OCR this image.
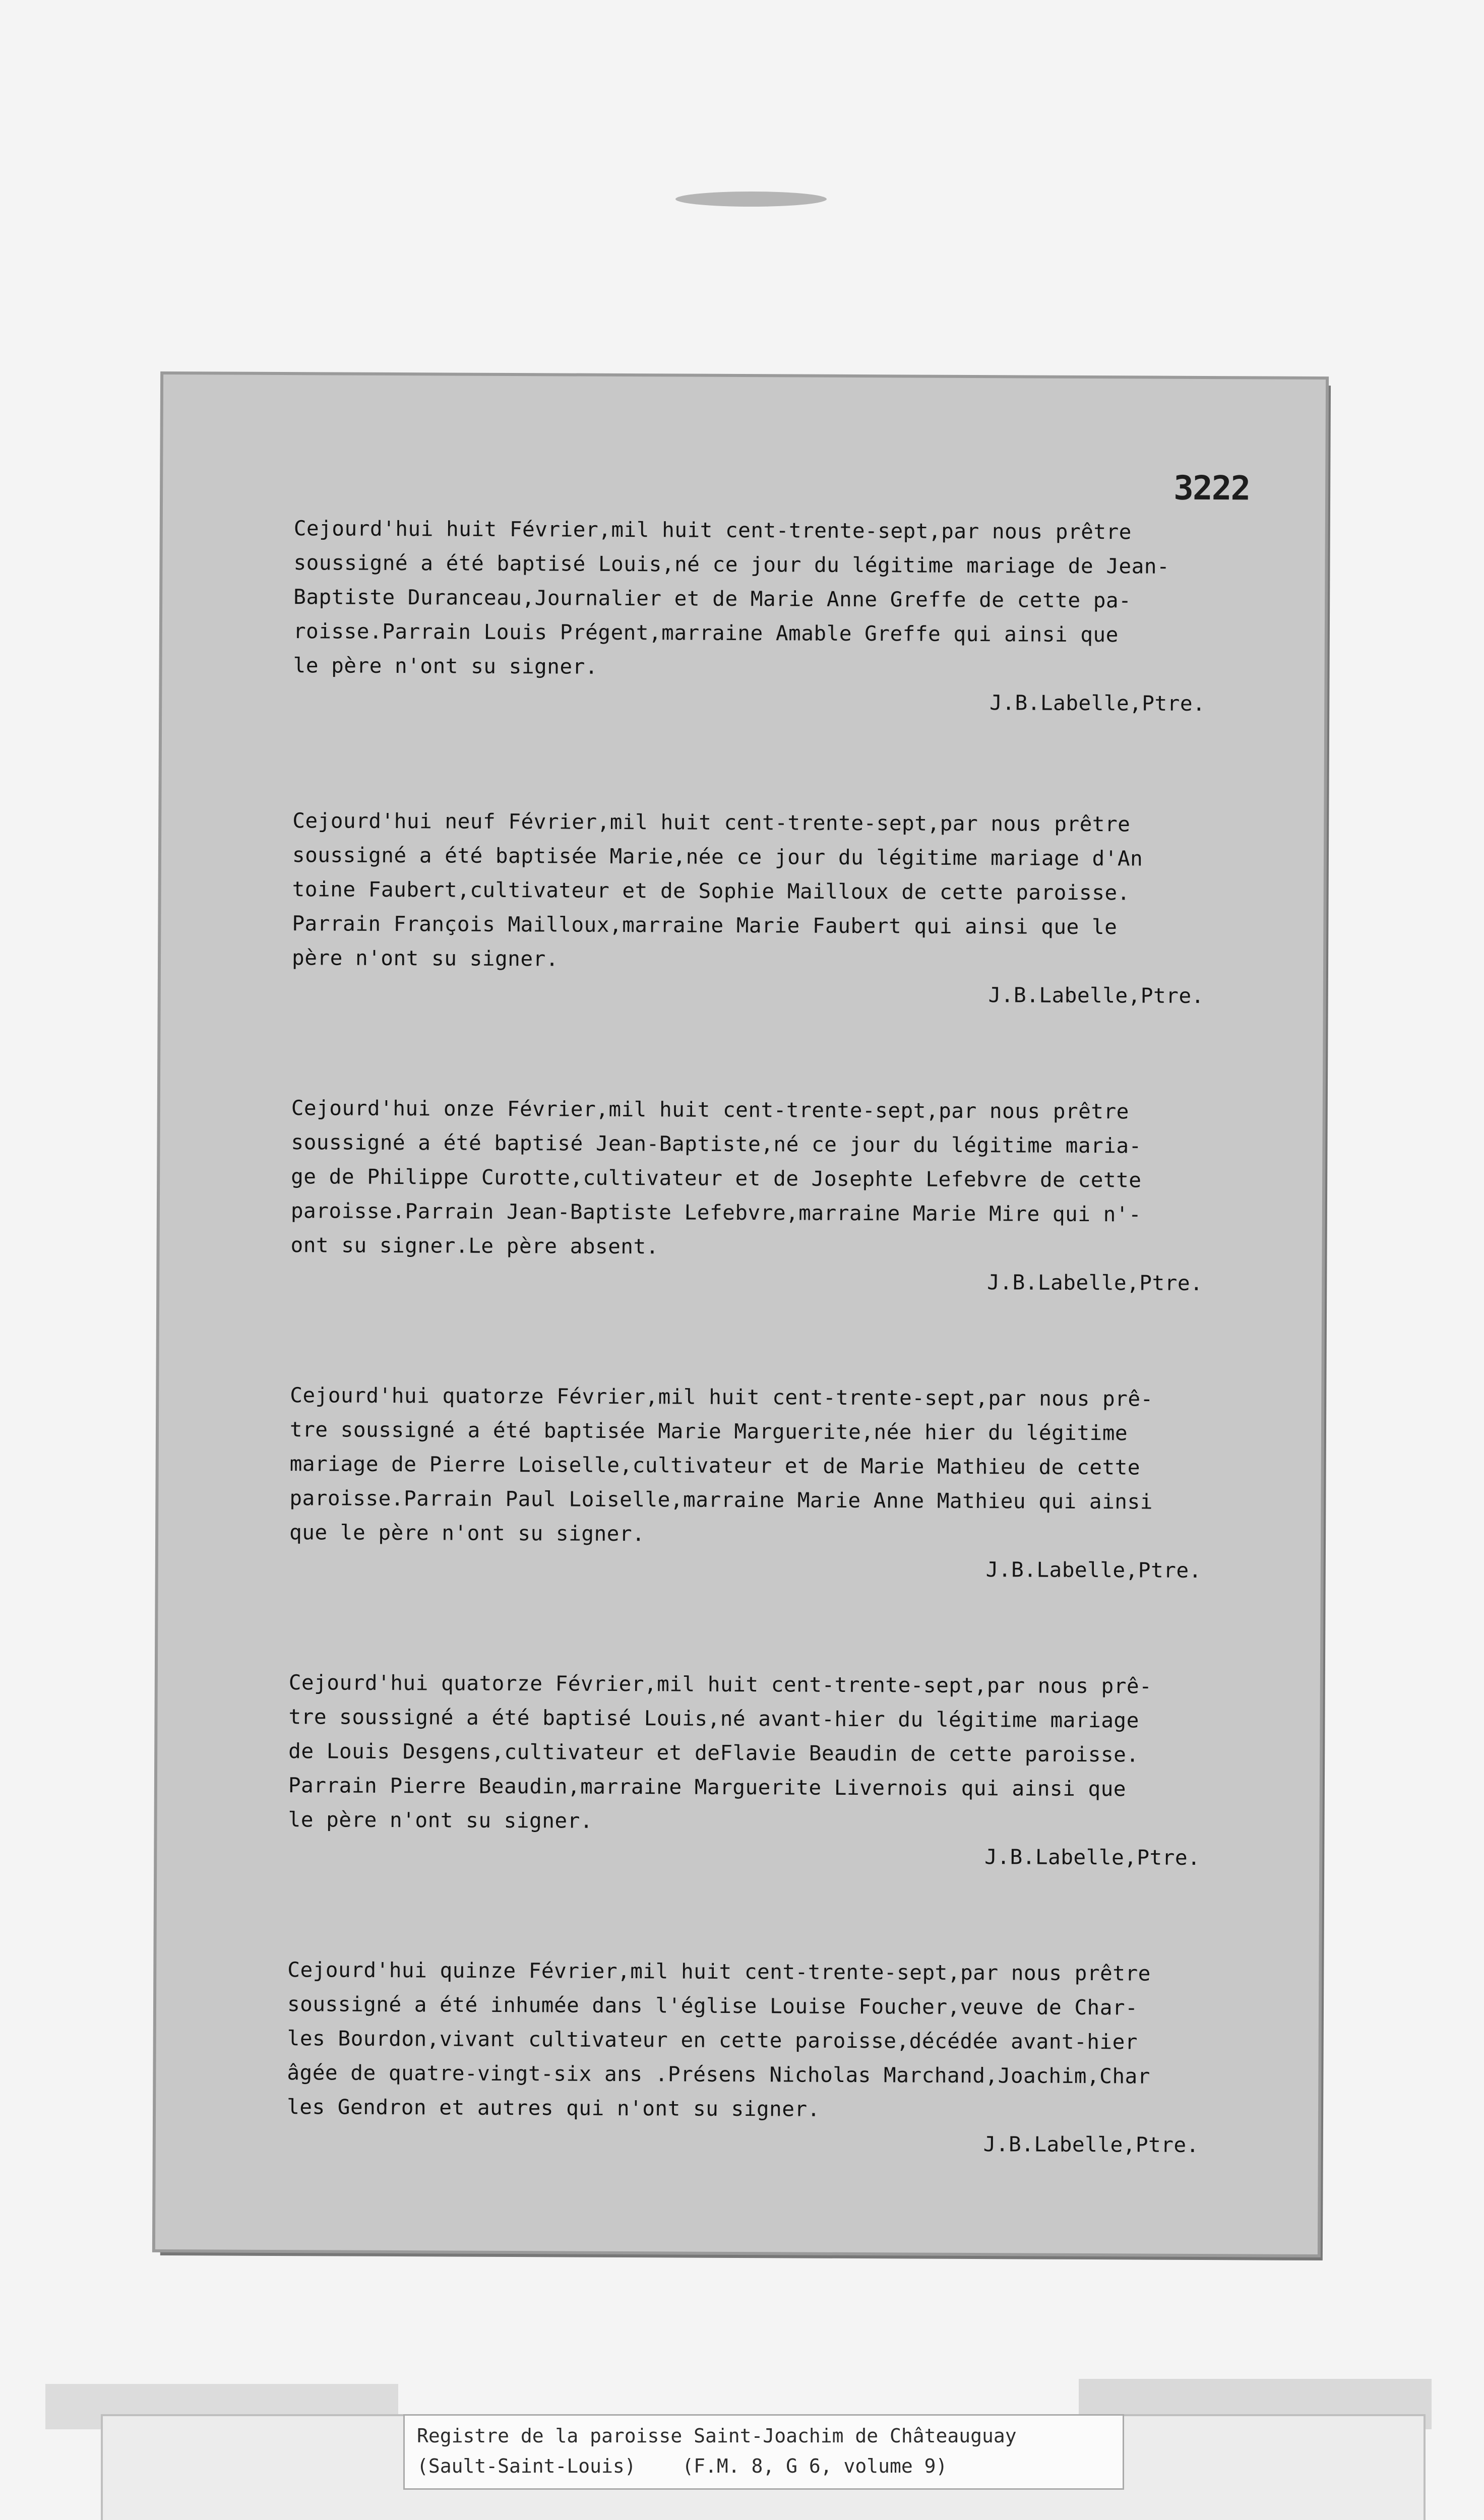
3222
Cejourd'hui huit Février,mil huit cent-trente-sept,par nous prêtre
soussigné a été baptisé Louis,né ce jour du légitime mariage de Jean-
Baptiste Duranceau,Journalier et de Marie Anne Greffe de cette pa-
roisse.Parrain Louis Prégent,marraine Amable Greffe qui ainsi que
le père n'ont su signer.
J.B.Labelle,Ptre.
Cejourd'hui neuf Février,mil huit cent-trente-sept,par nous prêtre
soussigné a été baptisée Marie,née ce jour du légitime mariage d'An
toine Faubert,cultivateur et de Sophie Mailloux de cette paroisse.
Parrain François Mailloux,marraine Marie Faubert qui ainsi que le
père n'ont su signer.
J.B.Labelle,Ptre.
Cejourd'hui onze Février,mil huit cent-trente-sept,par nous prêtre
soussigné a été baptisé Jean-Baptiste,né ce jour du légitime maria-
ge de Philippe Curotte,cultivateur et de Josephte Lefebvre de cette
paroisse.Parrain Jean-Baptiste Lefebvre,marraine Marie Mire qui n'-
ont su signer.Le père absent.
J.B.Labelle,Ptre.
Cejourd'hui quatorze Février,mil huit cent-trente-sept,par nous prê-
tre soussigné a été baptisée Marie Marguerite,née hier du légitime
mariage de Pierre Loiselle,cultivateur et de Marie Mathieu de cette
paroisse.Parrain Paul Loiselle,marraine Marie Anne Mathieu qui ainsi
que le père n'ont su signer.
J.B.Labelle,Ptre.
Cejourd'hui quatorze Février,mil huit cent-trente-sept,par nous prê-
tre soussigné a été baptisé Louis,né avant-hier du légitime mariage
de Louis Desgens,cultivateur et deFlavie Beaudin de cette paroisse.
Parrain Pierre Beaudin,marraine Marguerite Livernois qui ainsi que
le père n'ont su signer.
J.B.Labelle,Ptre.
Cejourd'hui quinze Février,mil huit cent-trente-sept,par nous prêtre
soussigné a été inhumée dans l'église Louise Foucher,veuve de Char-
les Bourdon,vivant cultivateur en cette paroisse,décédée avant-hier
âgée de quatre-vingt-six ans .Présens Nicholas Marchand,Joachim,Char
les Gendron et autres qui n'ont su signer.
J.B.Labelle,Ptre.
Registre de la paroisse Saint-Joachim de Châteauguay
(Sault-Saint-Louis)    (F.M. 8, G 6, volume 9)
